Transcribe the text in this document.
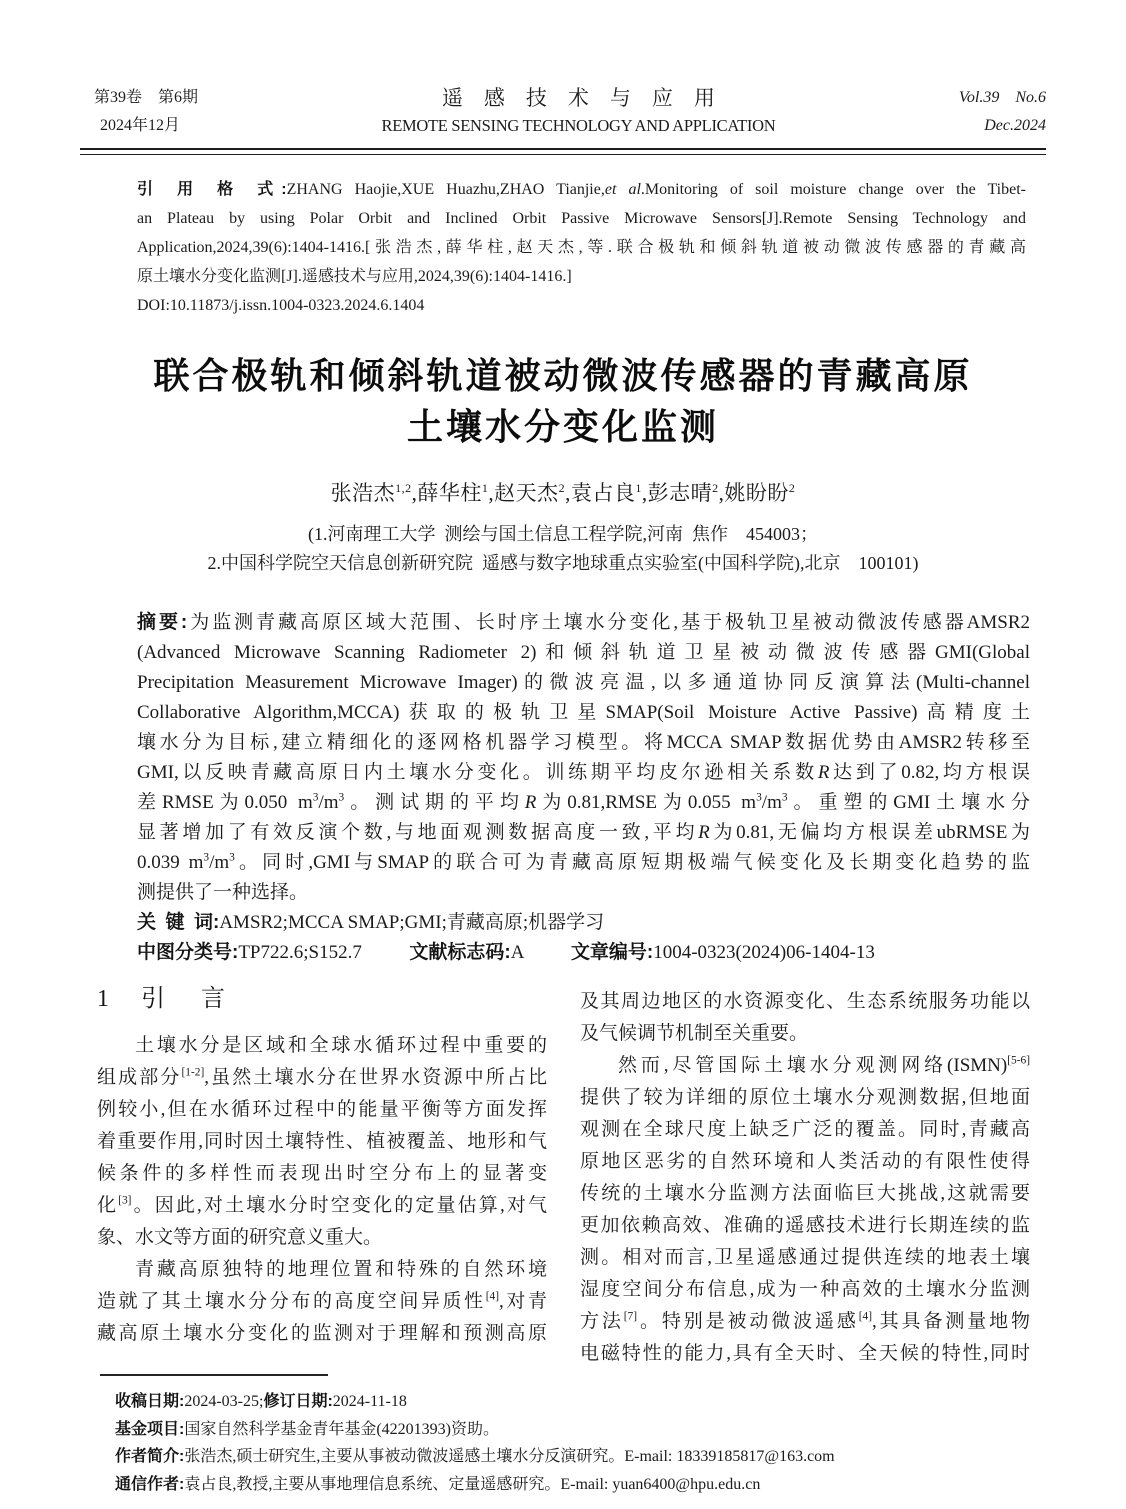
第39卷　第6期
2024年12月
遥　感　技　术　与　应　用
REMOTE SENSING TECHNOLOGY AND APPLICATION
Vol.39  No.6
Dec.2024
引 用 格 式:ZHANG Haojie,XUE Huazhu,ZHAO Tianjie,et al.Monitoring of soil moisture change over the Tibet-
an Plateau by using Polar Orbit and Inclined Orbit Passive Microwave Sensors[J].Remote Sensing Technology and
Application,2024,39(6):1404-1416.[张浩杰,薛华柱,赵天杰,等.联合极轨和倾斜轨道被动微波传感器的青藏高
原土壤水分变化监测[J].遥感技术与应用,2024,39(6):1404-1416.]
DOI:10.11873/j.issn.1004-0323.2024.6.1404
联合极轨和倾斜轨道被动微波传感器的青藏高原
土壤水分变化监测
张浩杰$^{1,2}$,薛华柱$^1$,赵天杰$^2$,袁占良$^1$,彭志晴$^2$,姚盼盼$^2$
(1.河南理工大学 测绘与国土信息工程学院,河南 焦作　454003；
2.中国科学院空天信息创新研究院 遥感与数字地球重点实验室(中国科学院),北京　100101)
摘要:为监测青藏高原区域大范围、长时序土壤水分变化,基于极轨卫星被动微波传感器AMSR2
(Advanced Microwave Scanning Radiometer 2)和倾斜轨道卫星被动微波传感器GMI(Global
Precipitation Measurement Microwave Imager)的微波亮温,以多通道协同反演算法(Multi-channel
Collaborative Algorithm,MCCA)获取的极轨卫星SMAP(Soil Moisture Active Passive)高精度土
壤水分为目标,建立精细化的逐网格机器学习模型。将MCCA SMAP数据优势由AMSR2转移至
GMI,以反映青藏高原日内土壤水分变化。训练期平均皮尔逊相关系数R达到了0.82,均方根误
差RMSE为0.050 $m^3/m^3$。测试期的平均R为0.81,RMSE为0.055 $m^3/m^3$。重塑的GMI土壤水分
显著增加了有效反演个数,与地面观测数据高度一致,平均R为0.81,无偏均方根误差ubRMSE为
0.039 $m^3/m^3$。同时,GMI与SMAP的联合可为青藏高原短期极端气候变化及长期变化趋势的监
测提供了一种选择。
关 键 词:AMSR2;MCCA SMAP;GMI;青藏高原;机器学习
中图分类号:TP722.6;S152.7　　 文献标志码:A　　 文章编号:1004-0323(2024)06-1404-13
1 引　言
土壤水分是区域和全球水循环过程中重要的
组成部分[1-2],虽然土壤水分在世界水资源中所占比
例较小,但在水循环过程中的能量平衡等方面发挥
着重要作用,同时因土壤特性、植被覆盖、地形和气
候条件的多样性而表现出时空分布上的显著变
化[3]。因此,对土壤水分时空变化的定量估算,对气
象、水文等方面的研究意义重大。
青藏高原独特的地理位置和特殊的自然环境
造就了其土壤水分分布的高度空间异质性[4],对青
藏高原土壤水分变化的监测对于理解和预测高原
及其周边地区的水资源变化、生态系统服务功能以
及气候调节机制至关重要。
然而,尽管国际土壤水分观测网络(ISMN)[5-6]
提供了较为详细的原位土壤水分观测数据,但地面
观测在全球尺度上缺乏广泛的覆盖。同时,青藏高
原地区恶劣的自然环境和人类活动的有限性使得
传统的土壤水分监测方法面临巨大挑战,这就需要
更加依赖高效、准确的遥感技术进行长期连续的监
测。相对而言,卫星遥感通过提供连续的地表土壤
湿度空间分布信息,成为一种高效的土壤水分监测
方法[7]。特别是被动微波遥感[4],其具备测量地物
电磁特性的能力,具有全天时、全天候的特性,同时
收稿日期:2024-03-25;修订日期:2024-11-18
基金项目:国家自然科学基金青年基金(42201393)资助。
作者简介:张浩杰,硕士研究生,主要从事被动微波遥感土壤水分反演研究。E-mail: 18339185817@163.com
通信作者:袁占良,教授,主要从事地理信息系统、定量遥感研究。E-mail: yuan6400@hpu.edu.cn
